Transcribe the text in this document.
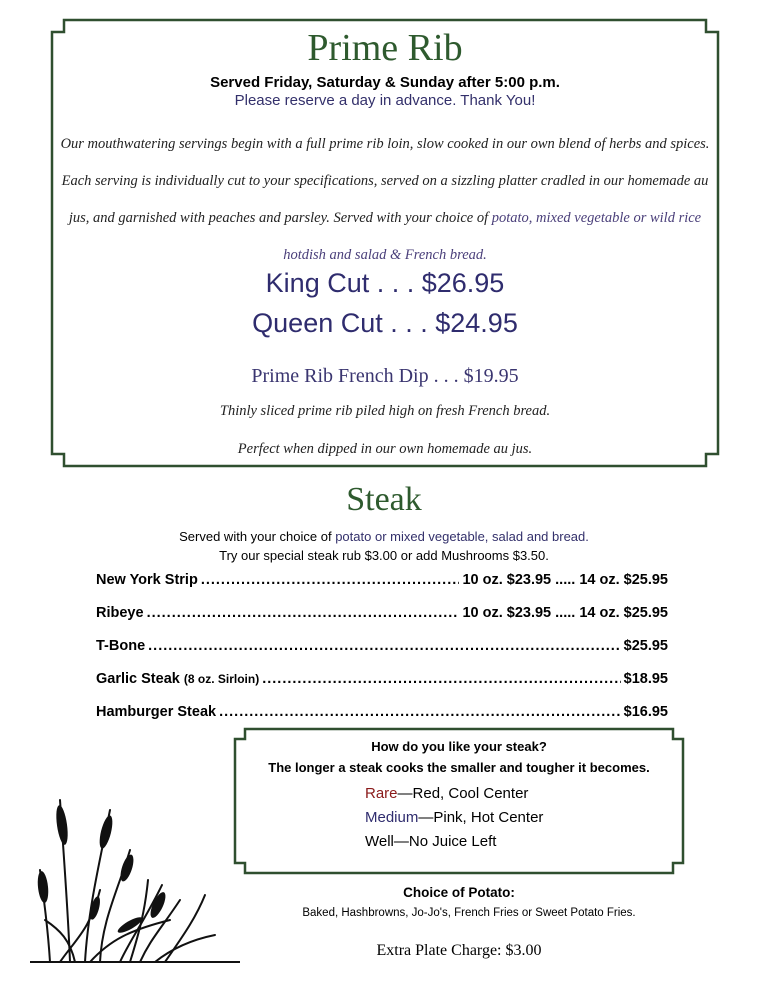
Prime Rib
Served Friday, Saturday & Sunday after 5:00 p.m.
Please reserve a day in advance. Thank You!
Our mouthwatering servings begin with a full prime rib loin, slow cooked in our own blend of herbs and spices. Each serving is individually cut to your specifications, served on a sizzling platter cradled in our homemade au jus, and garnished with peaches and parsley. Served with your choice of potato, mixed vegetable or wild rice hotdish and salad & French bread.
King Cut . . . $26.95
Queen Cut . . . $24.95
Prime Rib French Dip . . . $19.95
Thinly sliced prime rib piled high on fresh French bread.
Perfect when dipped in our own homemade au jus.
Steak
Served with your choice of potato or mixed vegetable, salad and bread.
Try our special steak rub $3.00 or add Mushrooms $3.50.
New York Strip .....	10 oz. $23.95 ..... 14 oz. $25.95
Ribeye .....	10 oz. $23.95 ..... 14 oz. $25.95
T-Bone .....	$25.95
Garlic Steak (8 oz. Sirloin) .....	$18.95
Hamburger Steak .....	$16.95
How do you like your steak?
The longer a steak cooks the smaller and tougher it becomes.
Rare—Red, Cool Center
Medium—Pink, Hot Center
Well—No Juice Left
Choice of Potato:
Baked, Hashbrowns, Jo-Jo's, French Fries or Sweet Potato Fries.
Extra Plate Charge: $3.00
